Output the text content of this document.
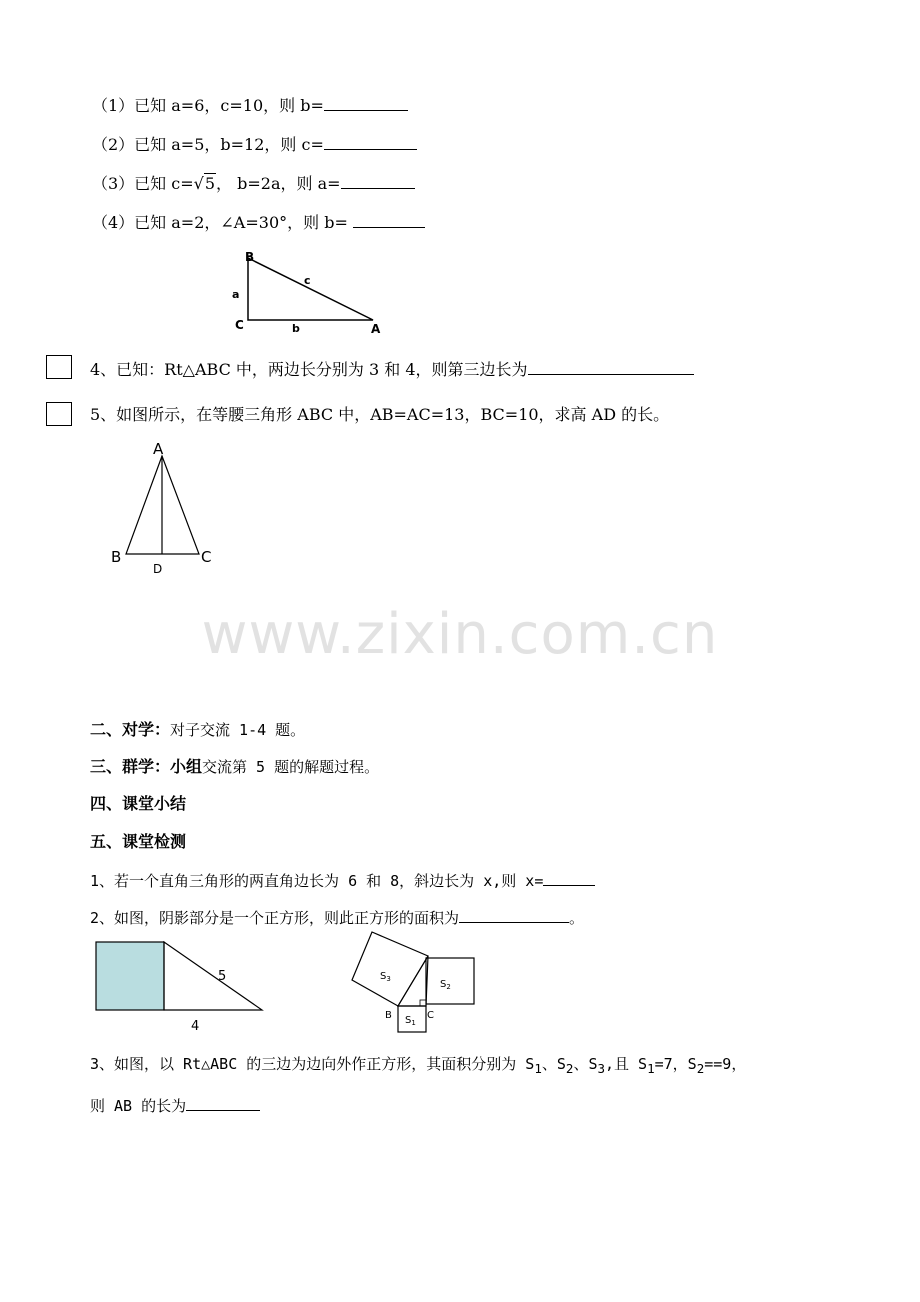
（1）已知 a=6，c=10，则 b=
（2）已知 a=5，b=12，则 c=
（3）已知 c=√5， b=2a，则 a=
（4）已知 a=2，∠A=30°，则 b=
B
C	A
a
b
c
4、已知：Rt△ABC 中，两边长分别为 3 和 4，则第三边长为
5、如图所示，在等腰三角形 ABC 中，AB=AC=13，BC=10，求高 AD 的长。
A
B	C
D
www.zixin.com.cn
二、对学：对子交流 1-4 题。
三、群学：小组交流第 5 题的解题过程。
四、课堂小结
五、课堂检测
1、若一个直角三角形的两直角边长为 6 和 8，斜边长为 x,则 x=
2、如图，阴影部分是一个正方形，则此正方形的面积为	。
5
4
$S_3$	$S_2$
$S_1$
B	C
3、如图，以 Rt△ABC 的三边为边向外作正方形，其面积分别为 $S_1$、$S_2$、$S_3$,且 $S_1=7$，$S_2==9$，
则 AB 的长为
